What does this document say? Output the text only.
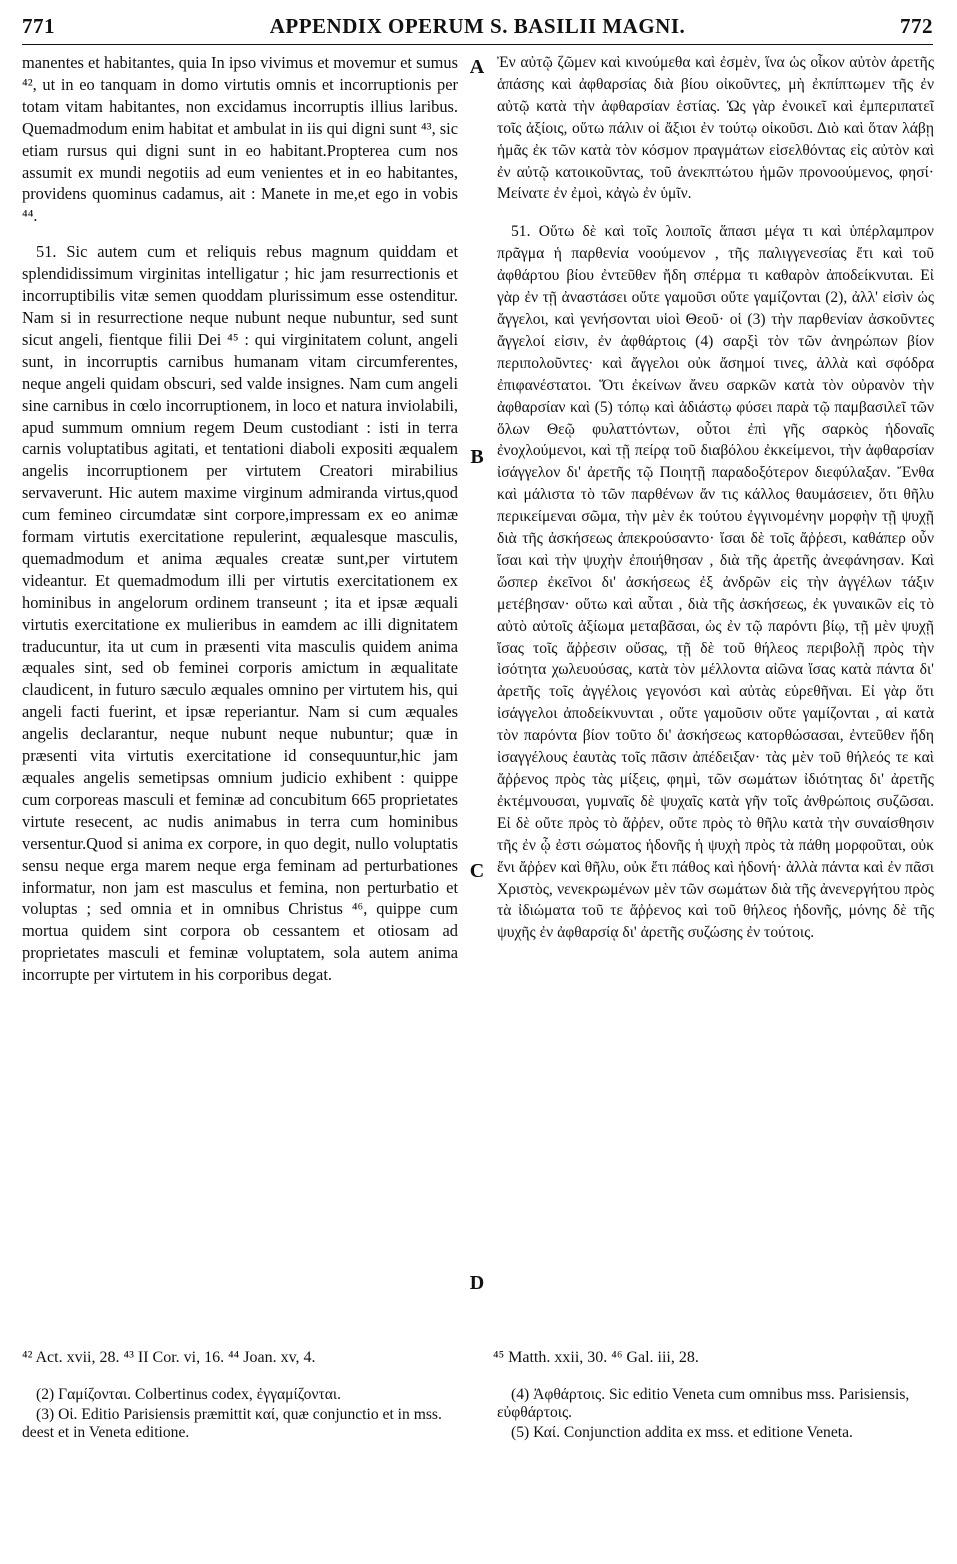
771	APPENDIX OPERUM S. BASILII MAGNI.	772

manentes et habitantes, quia In ipso vivimus et movemur et sumus ⁴², ut in eo tanquam in domo virtutis omnis et incorruptionis per totam vitam habitantes, non excidamus incorruptis illius laribus. Quemadmodum enim habitat et ambulat in iis qui digni sunt ⁴³, sic etiam rursus qui digni sunt in eo habitant.Propterea cum nos assumit ex mundi negotiis ad eum venientes et in eo habitantes, providens quominus cadamus, ait : Manete in me,et ego in vobis ⁴⁴.

51. Sic autem cum et reliquis rebus magnum quiddam et splendidissimum virginitas intelligatur ; hic jam resurrectionis et incorruptibilis vitæ semen quoddam plurissimum esse ostenditur. Nam si in resurrectione neque nubunt neque nubuntur, sed sunt sicut angeli, fientque filii Dei ⁴⁵ : qui virginitatem colunt, angeli sunt, in incorruptis carnibus humanam vitam circumferentes, neque angeli quidam obscuri, sed valde insignes. Nam cum angeli sine carnibus in cœlo incorruptionem, in loco et natura inviolabili, apud summum omnium regem Deum custodiant : isti in terra carnis voluptatibus agitati, et tentationi diaboli expositi æqualem angelis incorruptionem per virtutem Creatori mirabilius servaverunt. Hic autem maxime virginum admiranda virtus,quod cum femineo circumdatæ sint corpore,impressam ex eo animæ formam virtutis exercitatione repulerint, æqualesque masculis, quemadmodum et anima æquales creatæ sunt,per virtutem videantur. Et quemadmodum illi per virtutis exercitationem ex hominibus in angelorum ordinem transeunt ; ita et ipsæ æquali virtutis exercitatione ex mulieribus in eamdem ac illi dignitatem traducuntur, ita ut cum in præsenti vita masculis quidem anima æquales sint, sed ob feminei corporis amictum in æqualitate claudicent, in futuro sæculo æquales omnino per virtutem his, qui angeli facti fuerint, et ipsæ reperiantur. Nam si cum æquales angelis declarantur, neque nubunt neque nubuntur; quæ in præsenti vita virtutis exercitatione id consequuntur,hic jam æquales angelis semetipsas omnium judicio exhibent : quippe cum corporeas masculi et feminæ ad concubitum 665 proprietates virtute resecent, ac nudis animabus in terra cum hominibus versentur.Quod si anima ex corpore, in quo degit, nullo voluptatis sensu neque erga marem neque erga feminam ad perturbationes informatur, non jam est masculus et femina, non perturbatio et voluptas ; sed omnia et in omnibus Christus ⁴⁶, quippe cum mortua quidem sint corpora ob cessantem et otiosam ad proprietates masculi et feminæ voluptatem, sola autem anima incorrupte per virtutem in his corporibus degat.

A
B
C
D

Ἐν αὐτῷ ζῶμεν καὶ κινούμεθα καὶ ἐσμὲν, ἵνα ὡς οἶκον αὐτὸν ἀρετῆς ἁπάσης καὶ ἀφθαρσίας διὰ βίου οἰκοῦντες, μὴ ἐκπίπτωμεν τῆς ἐν αὐτῷ κατὰ τὴν ἀφθαρσίαν ἑστίας. Ὡς γὰρ ἐνοικεῖ καὶ ἐμπεριπατεῖ τοῖς ἀξίοις, οὕτω πάλιν οἱ ἄξιοι ἐν τούτῳ οἰκοῦσι. Διὸ καὶ ὅταν λάβῃ ἡμᾶς ἐκ τῶν κατὰ τὸν κόσμον πραγμάτων εἰσελθόντας εἰς αὐτὸν καὶ ἐν αὐτῷ κατοικοῦντας, τοῦ ἀνεκπτώτου ἡμῶν προνοούμενος, φησί· Μείνατε ἐν ἐμοὶ, κἀγὼ ἐν ὑμῖν.

51. Οὕτω δὲ καὶ τοῖς λοιποῖς ἅπασι μέγα τι καὶ ὑπέρλαμπρον πρᾶγμα ἡ παρθενία νοούμενον , τῆς παλιγγενεσίας ἔτι καὶ τοῦ ἀφθάρτου βίου ἐντεῦθεν ἤδη σπέρμα τι καθαρὸν ἀποδείκνυται. Εἰ γὰρ ἐν τῇ ἀναστάσει οὔτε γαμοῦσι οὔτε γαμίζονται (2), ἀλλ' εἰσὶν ὡς ἄγγελοι, καὶ γενήσονται υἱοὶ Θεοῦ· οἱ (3) τὴν παρθενίαν ἀσκοῦντες ἄγγελοί εἰσιν, ἐν ἀφθάρτοις (4) σαρξὶ τὸν τῶν ἀνηρώπων βίον περιπολοῦντες· καὶ ἄγγελοι οὐκ ἄσημοί τινες, ἀλλὰ καὶ σφόδρα ἐπιφανέστατοι. Ὅτι ἐκείνων ἄνευ σαρκῶν κατὰ τὸν οὐρανὸν τὴν ἀφθαρσίαν καὶ (5) τόπῳ καὶ ἀδιάστῳ φύσει παρὰ τῷ παμβασιλεῖ τῶν ὅλων Θεῷ φυλαττόντων, οὗτοι ἐπὶ γῆς σαρκὸς ἡδοναῖς ἐνοχλούμενοι, καὶ τῇ πείρᾳ τοῦ διαβόλου ἐκκείμενοι, τὴν ἀφθαρσίαν ἰσάγγελον δι' ἀρετῆς τῷ Ποιητῇ παραδοξότερον διεφύλαξαν. Ἔνθα καὶ μάλιστα τὸ τῶν παρθένων ἄν τις κάλλος θαυμάσειεν, ὅτι θῆλυ περικείμεναι σῶμα, τὴν μὲν ἐκ τούτου ἐγγινομένην μορφὴν τῇ ψυχῇ διὰ τῆς ἀσκήσεως ἀπεκρούσαντο· ἴσαι δὲ τοῖς ἄῤῥεσι, καθάπερ οὖν ἴσαι καὶ τὴν ψυχὴν ἐποιήθησαν , διὰ τῆς ἀρετῆς ἀνεφάνησαν. Καὶ ὥσπερ ἐκεῖνοι δι' ἀσκήσεως ἐξ ἀνδρῶν εἰς τὴν ἀγγέλων τάξιν μετέβησαν· οὕτω καὶ αὗται , διὰ τῆς ἀσκήσεως, ἐκ γυναικῶν εἰς τὸ αὐτὸ αὐτοῖς ἀξίωμα μεταβᾶσαι, ὡς ἐν τῷ παρόντι βίῳ, τῇ μὲν ψυχῇ ἴσας τοῖς ἄῤῥεσιν οὔσας, τῇ δὲ τοῦ θήλεος περιβολῇ πρὸς τὴν ἰσότητα χωλευούσας, κατὰ τὸν μέλλοντα αἰῶνα ἴσας κατὰ πάντα δι' ἀρετῆς τοῖς ἀγγέλοις γεγονόσι καὶ αὐτὰς εὑρεθῆναι. Εἰ γὰρ ὅτι ἰσάγγελοι ἀποδείκνυνται , οὔτε γαμοῦσιν οὔτε γαμίζονται , αἱ κατὰ τὸν παρόντα βίον τοῦτο δι' ἀσκήσεως κατορθώσασαι, ἐντεῦθεν ἤδη ἰσαγγέλους ἑαυτὰς τοῖς πᾶσιν ἀπέδειξαν· τὰς μὲν τοῦ θήλεός τε καὶ ἄῤῥενος πρὸς τὰς μίξεις, φημὶ, τῶν σωμάτων ἰδιότητας δι' ἀρετῆς ἐκτέμνουσαι, γυμναῖς δὲ ψυχαῖς κατὰ γῆν τοῖς ἀνθρώποις συζῶσαι. Εἰ δὲ οὔτε πρὸς τὸ ἄῤῥεν, οὔτε πρὸς τὸ θῆλυ κατὰ τὴν συναίσθησιν τῆς ἐν ᾧ ἐστι σώματος ἡδονῆς ἡ ψυχὴ πρὸς τὰ πάθη μορφοῦται, οὐκ ἔνι ἄῤῥεν καὶ θῆλυ, οὐκ ἔτι πάθος καὶ ἡδονή· ἀλλὰ πάντα καὶ ἐν πᾶσι Χριστὸς, νενεκρωμένων μὲν τῶν σωμάτων διὰ τῆς ἀνενεργήτου πρὸς τὰ ἰδιώματα τοῦ τε ἄῤῥενος καὶ τοῦ θήλεος ἡδονῆς, μόνης δὲ τῆς ψυχῆς ἐν ἀφθαρσίᾳ δι' ἀρετῆς συζώσης ἐν τούτοις.

⁴² Act. xvii, 28. ⁴³ II Cor. vi, 16. ⁴⁴ Joan. xv, 4.	⁴⁵ Matth. xxii, 30. ⁴⁶ Gal. iii, 28.

(2) Γαμίζονται. Colbertinus codex, ἐγγαμίζονται.

(3) Οἱ. Editio Parisiensis præmittit καί, quæ conjunctio et in mss. deest et in Veneta editione.

(4) Ἀφθάρτοις. Sic editio Veneta cum omnibus mss. Parisiensis, εὐφθάρτοις.

(5) Καί. Conjunction addita ex mss. et editione Veneta.
